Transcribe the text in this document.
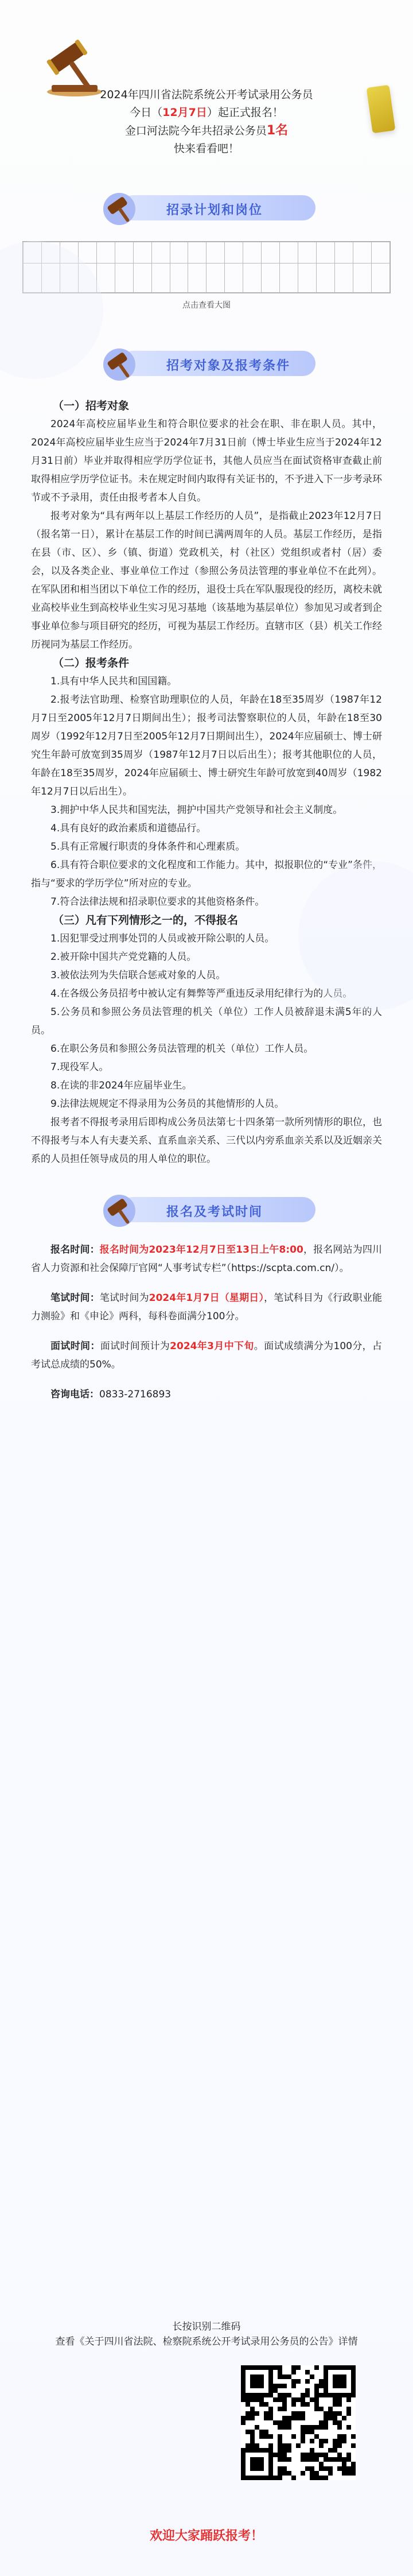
2024年四川省法院系统公开考试录用公务员
今日（12月7日）起正式报名！
金口河法院今年共招录公务员1名
快来看看吧！
招录计划和岗位

点击查看大图
招考对象及报考条件

（一）招考对象

2024年高校应届毕业生和符合职位要求的社会在职、非在职人员。其中，2024年高校应届毕业生应当于2024年7月31日前（博士毕业生应当于2024年12月31日前）毕业并取得相应学历学位证书，其他人员应当在面试资格审查截止前取得相应学历学位证书。未在规定时间内取得有关证书的，不予进入下一步考录环节或不予录用，责任由报考者本人自负。

报考对象为“具有两年以上基层工作经历的人员”，是指截止2023年12月7日（报名第一日），累计在基层工作的时间已满两周年的人员。基层工作经历，是指在县（市、区）、乡（镇、街道）党政机关，村（社区）党组织或者村（居）委会，以及各类企业、事业单位工作过（参照公务员法管理的事业单位不在此列）。在军队团和相当团以下单位工作的经历，退役士兵在军队服现役的经历，离校未就业高校毕业生到高校毕业生实习见习基地（该基地为基层单位）参加见习或者到企事业单位参与项目研究的经历，可视为基层工作经历。直辖市区（县）机关工作经历视同为基层工作经历。

（二）报考条件

1.具有中华人民共和国国籍。

2.报考法官助理、检察官助理职位的人员，年龄在18至35周岁（1987年12月7日至2005年12月7日期间出生）；报考司法警察职位的人员，年龄在18至30周岁（1992年12月7日至2005年12月7日期间出生），2024年应届硕士、博士研究生年龄可放宽到35周岁（1987年12月7日以后出生）；报考其他职位的人员，年龄在18至35周岁，2024年应届硕士、博士研究生年龄可放宽到40周岁（1982年12月7日以后出生）。

3.拥护中华人民共和国宪法，拥护中国共产党领导和社会主义制度。

4.具有良好的政治素质和道德品行。

5.具有正常履行职责的身体条件和心理素质。

6.具有符合职位要求的文化程度和工作能力。其中，拟报职位的“专业”条件，指与“要求的学历学位”所对应的专业。

7.符合法律法规和招录职位要求的其他资格条件。

（三）凡有下列情形之一的，不得报名

1.因犯罪受过刑事处罚的人员或被开除公职的人员。

2.被开除中国共产党党籍的人员。

3.被依法列为失信联合惩戒对象的人员。

4.在各级公务员招考中被认定有舞弊等严重违反录用纪律行为的人员。

5.公务员和参照公务员法管理的机关（单位）工作人员被辞退未满5年的人员。

6.在职公务员和参照公务员法管理的机关（单位）工作人员。

7.现役军人。

8.在读的非2024年应届毕业生。

9.法律法规规定不得录用为公务员的其他情形的人员。

报考者不得报考录用后即构成公务员法第七十四条第一款所列情形的职位，也不得报考与本人有夫妻关系、直系血亲关系、三代以内旁系血亲关系以及近姻亲关系的人员担任领导成员的用人单位的职位。

报名及考试时间

报名时间：报名时间为2023年12月7日至13日上午8:00，报名网站为四川省人力资源和社会保障厅官网“人事考试专栏”（https://scpta.com.cn/）。

笔试时间：笔试时间为2024年1月7日（星期日），笔试科目为《行政职业能力测验》和《申论》两科，每科卷面满分100分。

面试时间：面试时间预计为2024年3月中下旬。面试成绩满分为100分，占考试总成绩的50%。

咨询电话：0833-2716893

长按识别二维码
查看《关于四川省法院、检察院系统公开考试录用公务员的公告》详情
欢迎大家踊跃报考！
